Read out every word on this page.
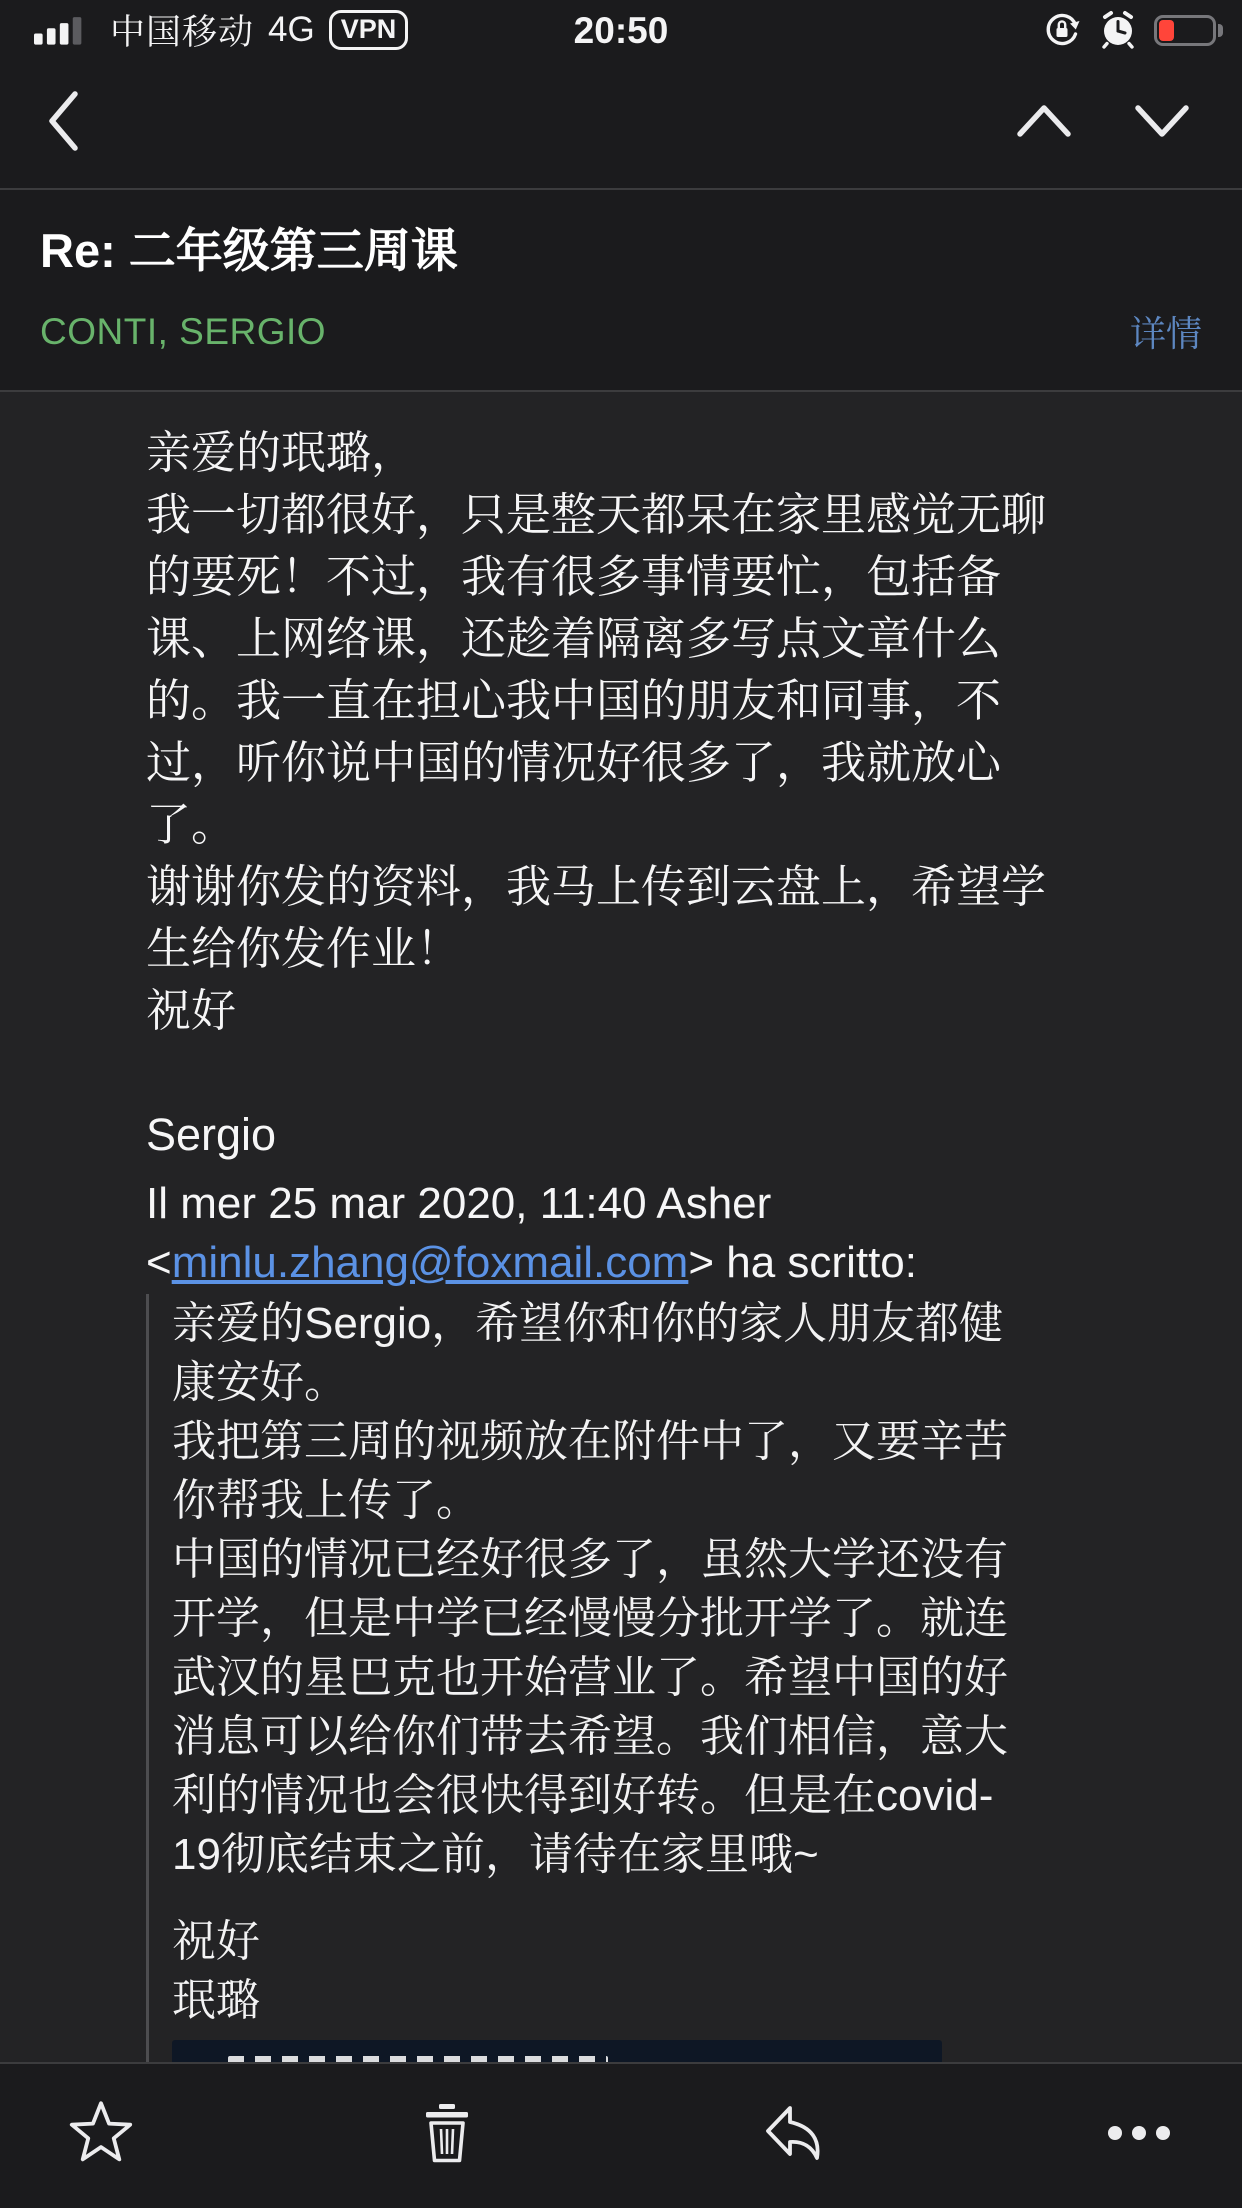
中国移动 4G VPN	20:50
Re: 二年级第三周课
CONTI, SERGIO	详情
亲爱的珉璐，
我一切都很好，只是整天都呆在家里感觉无聊
的要死！不过，我有很多事情要忙，包括备
课、上网络课，还趁着隔离多写点文章什么
的。我一直在担心我中国的朋友和同事，不
过，听你说中国的情况好很多了，我就放心
了。
谢谢你发的资料，我马上传到云盘上，希望学
生给你发作业！
祝好

Sergio
Il mer 25 mar 2020, 11:40 Asher
<minlu.zhang@foxmail.com> ha scritto:
亲爱的Sergio，希望你和你的家人朋友都健
康安好。
我把第三周的视频放在附件中了，又要辛苦
你帮我上传了。
中国的情况已经好很多了，虽然大学还没有
开学，但是中学已经慢慢分批开学了。就连
武汉的星巴克也开始营业了。希望中国的好
消息可以给你们带去希望。我们相信，意大
利的情况也会很快得到好转。但是在covid-
19彻底结束之前，请待在家里哦~
祝好
珉璐
